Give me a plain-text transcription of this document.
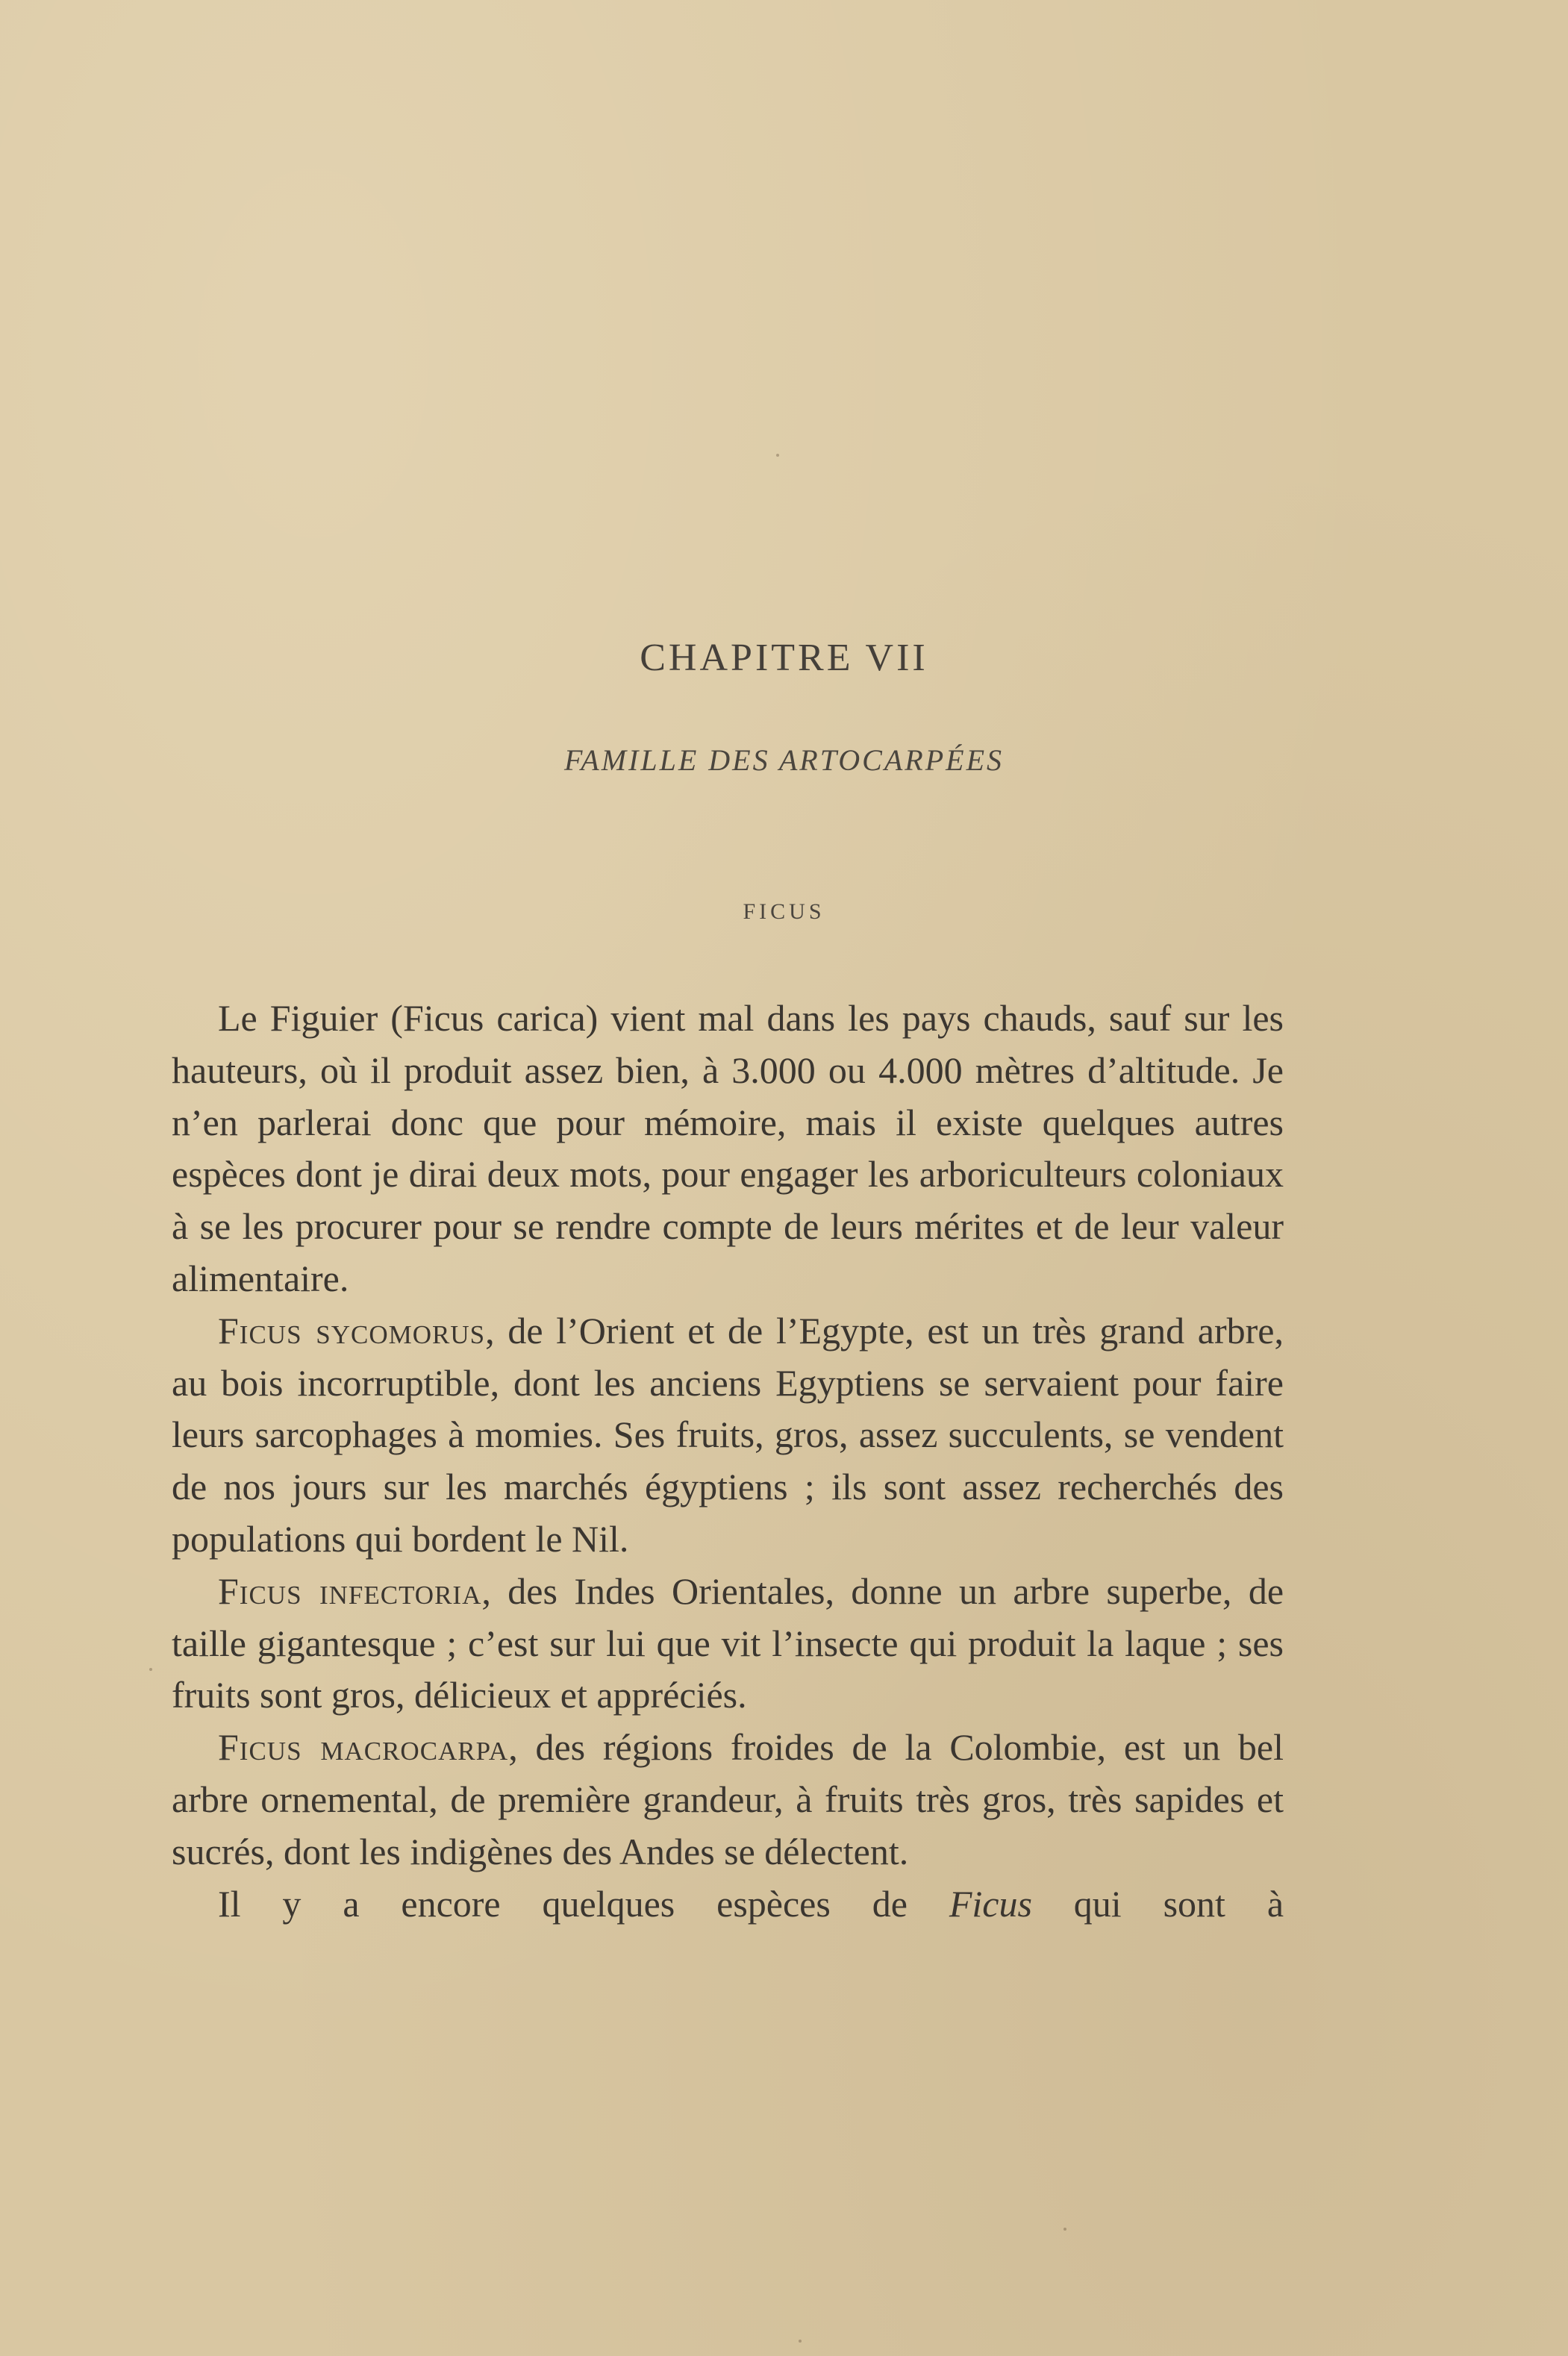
CHAPITRE VII
FAMILLE DES ARTOCARPÉES
FICUS

Le Figuier (Ficus carica) vient mal dans les pays chauds, sauf sur les hauteurs, où il produit assez bien, à 3.000 ou 4.000 mètres d’altitude. Je n’en parlerai donc que pour mémoire, mais il existe quelques autres espèces dont je dirai deux mots, pour engager les arboriculteurs coloniaux à se les procurer pour se rendre compte de leurs mérites et de leur valeur alimentaire.

Ficus sycomorus, de l’Orient et de l’Egypte, est un très grand arbre, au bois incorruptible, dont les anciens Egyptiens se servaient pour faire leurs sarcophages à momies. Ses fruits, gros, assez succulents, se vendent de nos jours sur les marchés égyptiens ; ils sont assez recherchés des populations qui bordent le Nil.

Ficus infectoria, des Indes Orientales, donne un arbre superbe, de taille gigantesque ; c’est sur lui que vit l’insecte qui produit la laque ; ses fruits sont gros, délicieux et appréciés.

Ficus macrocarpa, des régions froides de la Colombie, est un bel arbre ornemental, de première grandeur, à fruits très gros, très sapides et sucrés, dont les indigènes des Andes se délectent.

Il y a encore quelques espèces de Ficus qui sont à
